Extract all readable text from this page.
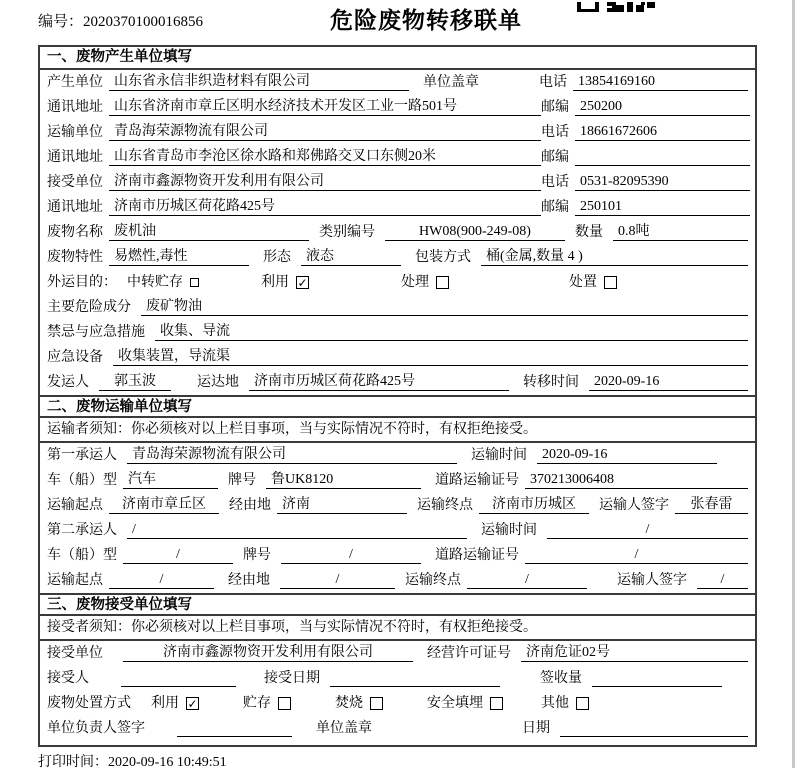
编号：2020370100016856	危险废物转移联单
一、废物产生单位填写
产生单位 山东省永信非织造材料有限公司	单位盖章	电话 13854169160
通讯地址 山东省济南市章丘区明水经济技术开发区工业一路501号	邮编 250200
运输单位 青岛海荣源物流有限公司	电话 18661672606
通讯地址 山东省青岛市李沧区徐水路和郑佛路交叉口东侧20米	邮编
接受单位 济南市鑫源物资开发利用有限公司	电话 0531-82095390
通讯地址 济南市历城区荷花路425号	邮编 250101
废物名称 废机油	类别编号	HW08(900-249-08)	数量	0.8吨
废物特性 易燃性,毒性	形态	液态	包装方式	桶(金属,数量 4 )
外运目的： 中转贮存	利用 ✓	处理	处置
主要危险成分	废矿物油
禁忌与应急措施	收集、导流
应急设备	收集装置，导流渠
发运人	郭玉波	运达地	济南市历城区荷花路425号	转移时间	2020-09-16
二、废物运输单位填写
运输者须知：你必须核对以上栏目事项，当与实际情况不符时，有权拒绝接受。
第一承运人	青岛海荣源物流有限公司	运输时间	2020-09-16
车（船）型 汽车	牌号	鲁UK8120	道路运输证号 370213006408
运输起点	济南市章丘区	经由地 济南	运输终点	济南市历城区	运输人签字	张春雷
第二承运人	/	运输时间	/
车（船）型	/	牌号	/	道路运输证号	/
运输起点	/	经由地	/	运输终点	/	运输人签字	/
三、废物接受单位填写
接受者须知：你必须核对以上栏目事项，当与实际情况不符时，有权拒绝接受。
接受单位	济南市鑫源物资开发利用有限公司	经营许可证号	济南危证02号
接受人	接受日期	签收量
废物处置方式 利用 ✓	贮存	焚烧	安全填埋	其他
单位负责人签字	单位盖章	日期
打印时间：2020-09-16 10:49:51
